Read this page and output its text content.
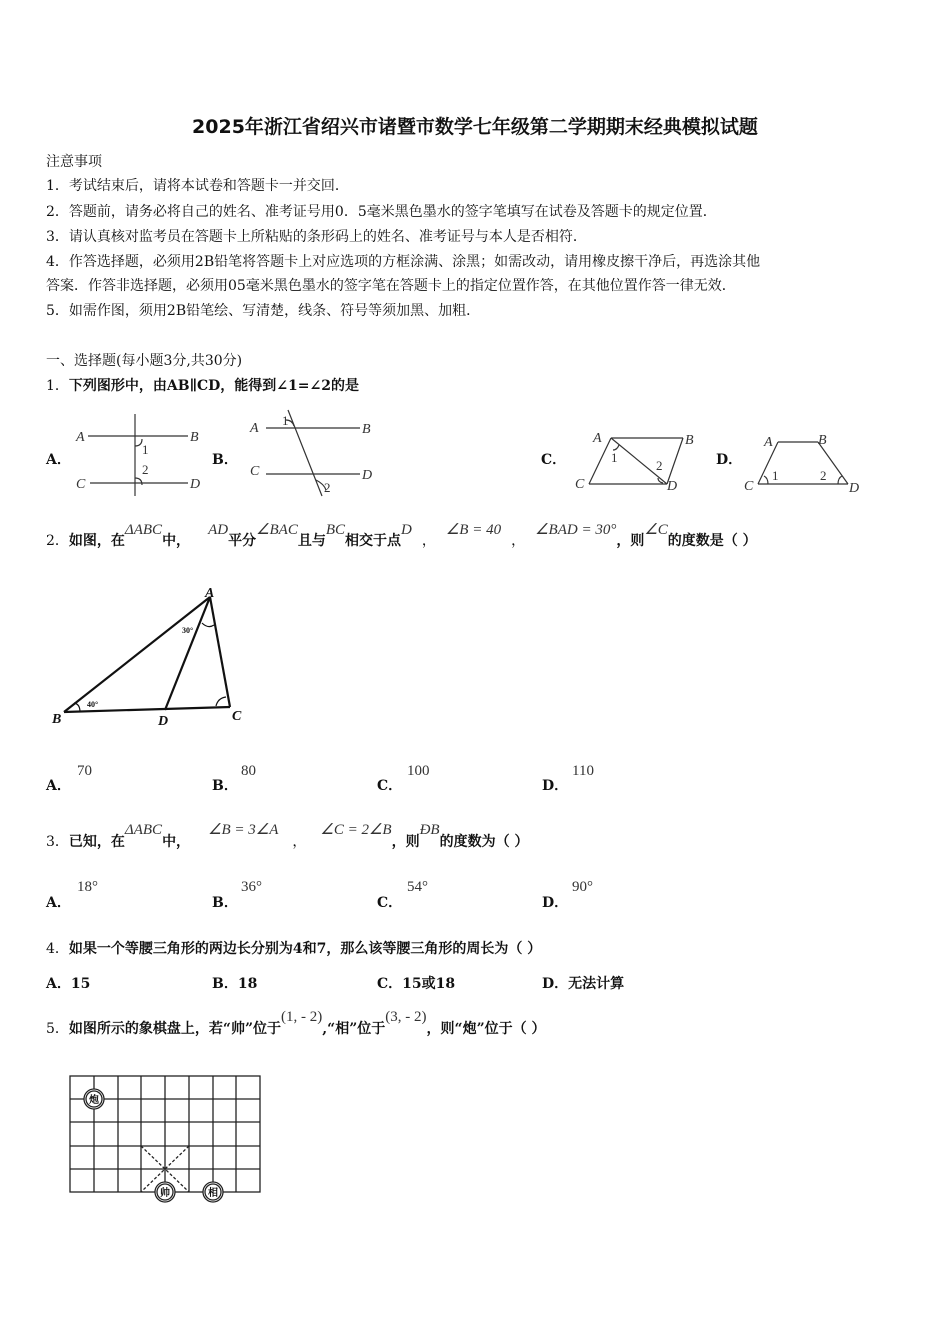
2025年浙江省绍兴市诸暨市数学七年级第二学期期末经典模拟试题
注意事项
1．考试结束后，请将本试卷和答题卡一并交回．
2．答题前，请务必将自己的姓名、准考证号用0．5毫米黑色墨水的签字笔填写在试卷及答题卡的规定位置．
3．请认真核对监考员在答题卡上所粘贴的条形码上的姓名、准考证号与本人是否相符．
4．作答选择题，必须用2B铅笔将答题卡上对应选项的方框涂满、涂黑；如需改动，请用橡皮擦干净后，再选涂其他
答案．作答非选择题，必须用05毫米黑色墨水的签字笔在答题卡上的指定位置作答，在其他位置作答一律无效．
5．如需作图，须用2B铅笔绘、写清楚，线条、符号等须加黑、加粗．
一、选择题(每小题3分,共30分)
1．下列图形中，由AB∥CD，能得到∠1=∠2的是
A．	B．	C．	D．
A	B
C	D
1
2
A	B
C	D
1
2
A	B
C	D
1
2
A	B
C	D
1	2
2．如图，在ΔABC中，AD平分∠BAC且与BC相交于点D，∠B = 40，∠BAD = 30°，则∠C的度数是（ ）
A
B	C
D
40°
30°
A．
70
B．
80
C．
100
D．
110
3．已知，在ΔABC中，∠B = 3∠A，∠C = 2∠B，则ÐB的度数为（ ）
A．
18°
B．
36°
C．
54°
D．
90°
4．如果一个等腰三角形的两边长分别为4和7，那么该等腰三角形的周长为（ ）
A．15	B．18	C．15或18	D．无法计算
5．如图所示的象棋盘上，若“帅”位于(1, - 2),“相”位于(3, - 2)，则“炮”位于（ ）
炮
帅	相
